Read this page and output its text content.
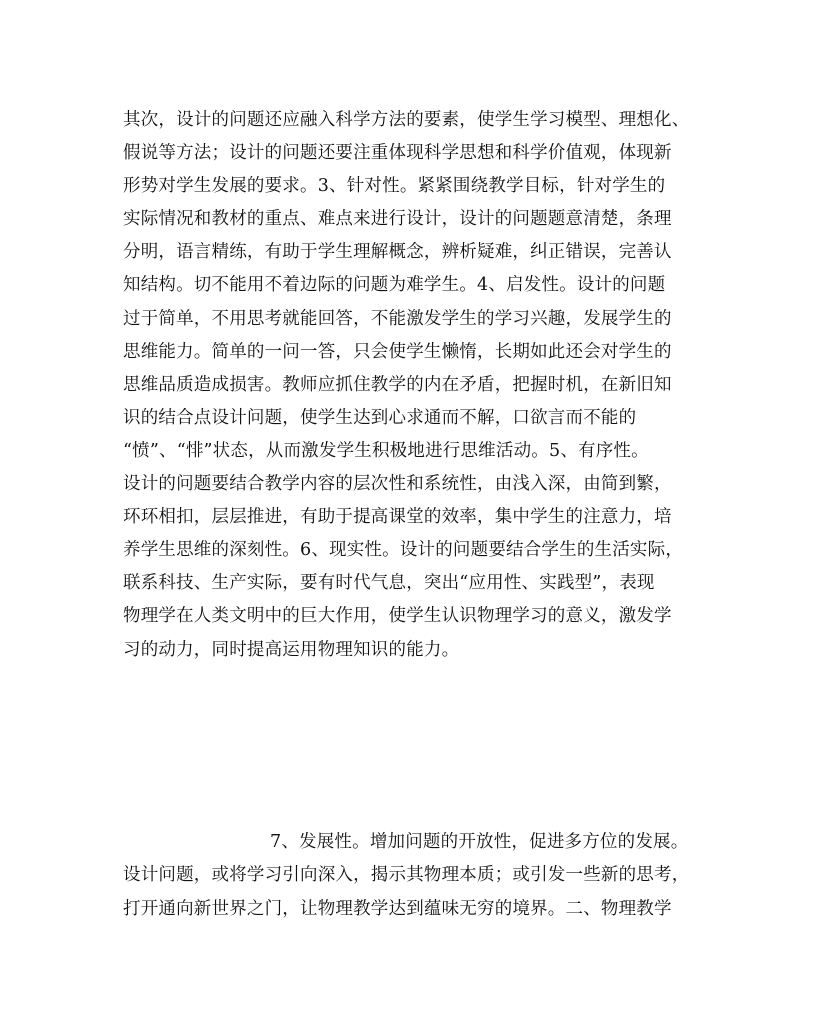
其次，设计的问题还应融入科学方法的要素，使学生学习模型、理想化、
假说等方法；设计的问题还要注重体现科学思想和科学价值观，体现新
形势对学生发展的要求。3、针对性。紧紧围绕教学目标，针对学生的
实际情况和教材的重点、难点来进行设计，设计的问题题意清楚，条理
分明，语言精练，有助于学生理解概念，辨析疑难，纠正错误，完善认
知结构。切不能用不着边际的问题为难学生。4、启发性。设计的问题
过于简单，不用思考就能回答，不能激发学生的学习兴趣，发展学生的
思维能力。简单的一问一答，只会使学生懒惰，长期如此还会对学生的
思维品质造成损害。教师应抓住教学的内在矛盾，把握时机，在新旧知
识的结合点设计问题，使学生达到心求通而不解，口欲言而不能的
“愤”、“悱”状态，从而激发学生积极地进行思维活动。5、有序性。
设计的问题要结合教学内容的层次性和系统性，由浅入深，由简到繁，
环环相扣，层层推进，有助于提高课堂的效率，集中学生的注意力，培
养学生思维的深刻性。6、现实性。设计的问题要结合学生的生活实际，
联系科技、生产实际，要有时代气息，突出“应用性、实践型”，表现
物理学在人类文明中的巨大作用，使学生认识物理学习的意义，激发学
习的动力，同时提高运用物理知识的能力。
7、发展性。增加问题的开放性，促进多方位的发展。
设计问题，或将学习引向深入，揭示其物理本质；或引发一些新的思考，
打开通向新世界之门，让物理教学达到蕴味无穷的境界。二、物理教学
